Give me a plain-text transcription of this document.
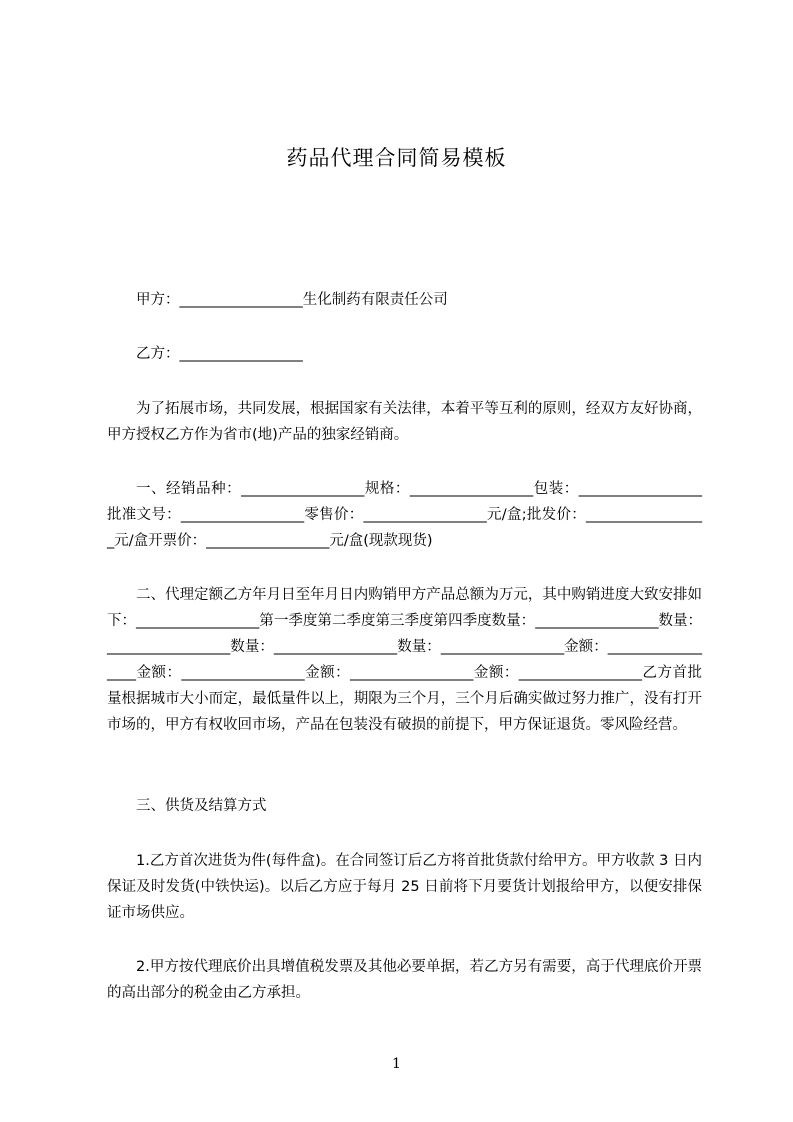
药品代理合同简易模板
甲方：_________________生化制药有限责任公司
乙方：_________________
为了拓展市场，共同发展，根据国家有关法律，本着平等互利的原则，经双方友好协商，甲方授权乙方作为省市(地)产品的独家经销商。
一、经销品种：_________________规格：_________________包装：_________________批准文号：_________________零售价：_________________元/盒;批发价：_________________元/盒开票价：_________________元/盒(现款现货)
二、代理定额乙方年月日至年月日内购销甲方产品总额为万元，其中购销进度大致安排如下：_________________第一季度第二季度第三季度第四季度数量：_________________数量：_________________数量：_________________数量：_________________金额：_________________金额：_________________金额：_________________金额：_________________乙方首批量根据城市大小而定，最低量件以上，期限为三个月，三个月后确实做过努力推广，没有打开市场的，甲方有权收回市场，产品在包装没有破损的前提下，甲方保证退货。零风险经营。
三、供货及结算方式
1.乙方首次进货为件(每件盒)。在合同签订后乙方将首批货款付给甲方。甲方收款 3 日内保证及时发货(中铁快运)。以后乙方应于每月 25 日前将下月要货计划报给甲方，以便安排保证市场供应。
2.甲方按代理底价出具增值税发票及其他必要单据，若乙方另有需要，高于代理底价开票的高出部分的税金由乙方承担。
1
